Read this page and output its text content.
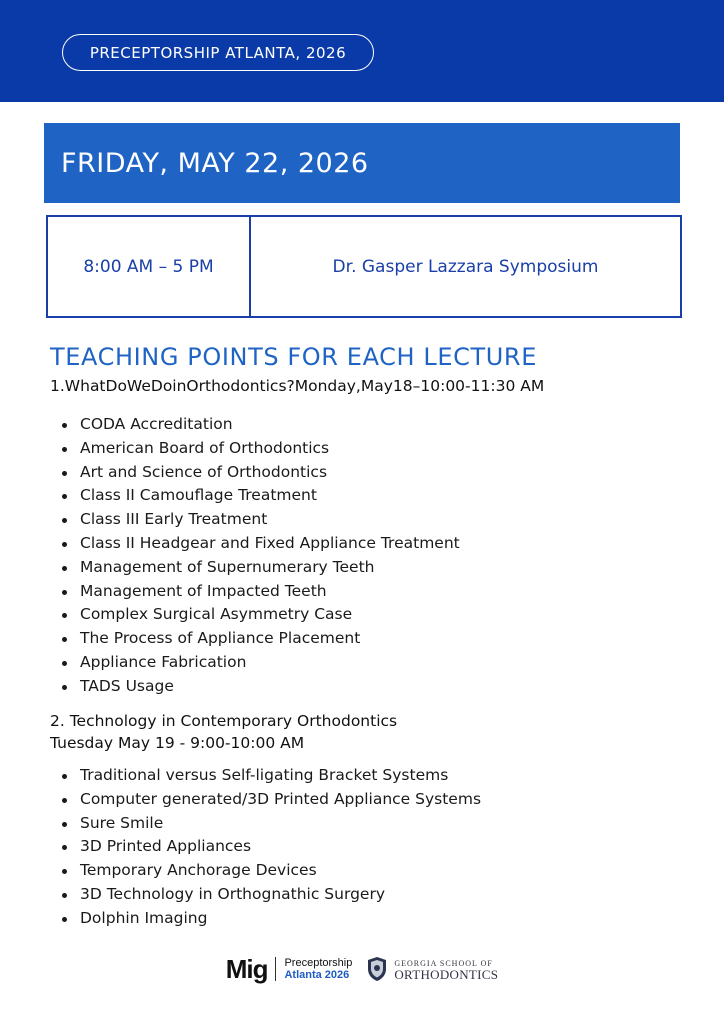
PRECEPTORSHIP ATLANTA, 2026
FRIDAY, MAY 22, 2026
8:00 AM – 5 PM	Dr. Gasper Lazzara Symposium
TEACHING POINTS FOR EACH LECTURE
1.WhatDoWeDoinOrthodontics?Monday,May18–10:00-11:30 AM
CODA Accreditation
American Board of Orthodontics
Art and Science of Orthodontics
Class II Camouflage Treatment
Class III Early Treatment
Class II Headgear and Fixed Appliance Treatment
Management of Supernumerary Teeth
Management of Impacted Teeth
Complex Surgical Asymmetry Case
The Process of Appliance Placement
Appliance Fabrication
TADS Usage
2. Technology in Contemporary Orthodontics
Tuesday May 19 - 9:00-10:00 AM
Traditional versus Self-ligating Bracket Systems
Computer generated/3D Printed Appliance Systems
Sure Smile
3D Printed Appliances
Temporary Anchorage Devices
3D Technology in Orthognathic Surgery
Dolphin Imaging
Mig Preceptorship
Atlanta 2026
GEORGIA SCHOOL OF
ORTHODONTICS
